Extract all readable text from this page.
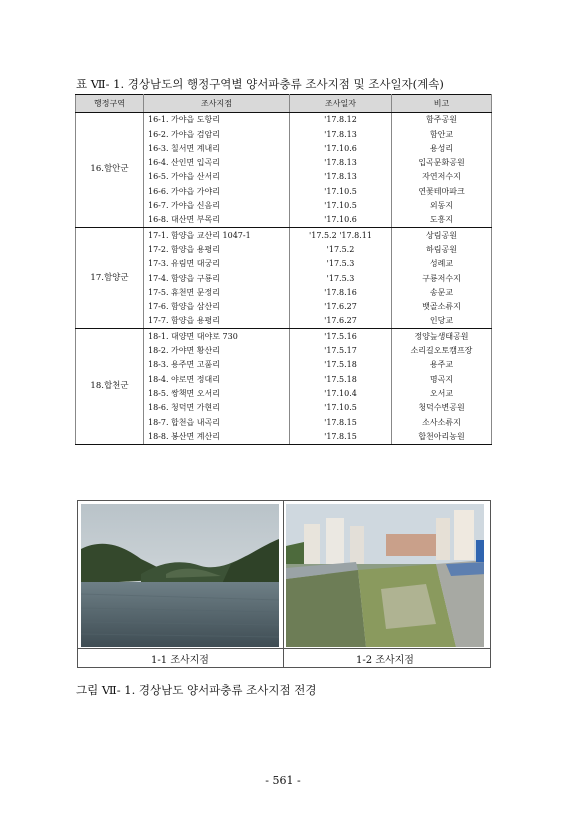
표 Ⅶ- 1. 경상남도의 행정구역별 양서파충류 조사지점 및 조사일자(계속)
행정구역	조사지점	조사일자	비고
16.함안군	16-1. 가야읍 도항리	'17.8.12	함주공원
	16-2. 가야읍 검암리	'17.8.13	함안교
	16-3. 칠서면 계내리	'17.10.6	용성리
	16-4. 산인면 입곡리	'17.8.13	입곡문화공원
	16-5. 가야읍 산서리	'17.8.13	자연저수지
	16-6. 가야읍 가야리	'17.10.5	연꽃테마파크
	16-7. 가야읍 신음리	'17.10.5	외동지
	16-8. 대산면 부목리	'17.10.6	도흥지
17.함양군	17-1. 함양읍 교산리 1047-1	'17.5.2 '17.8.11	상림공원
	17-2. 함양읍 용평리	'17.5.2	하림공원
	17-3. 유림면 대궁리	'17.5.3	성례교
	17-4. 함양읍 구룡리	'17.5.3	구룡저수지
	17-5. 휴천면 문정리	'17.8.16	송문교
	17-6. 함양읍 삼산리	'17.6.27	뱃골소류지
	17-7. 함양읍 용평리	'17.6.27	인당교
18.합천군	18-1. 대양면 대야로 730	'17.5.16	정양늪생태공원
	18-2. 가야면 황산리	'17.5.17	소리길오토캠프장
	18-3. 용주면 고품리	'17.5.18	용주교
	18-4. 야로면 정대리	'17.5.18	명곡지
	18-5. 쌍책면 오서리	'17.10.4	오서교
	18-6. 청덕면 가현리	'17.10.5	청덕수변공원
	18-7. 합천읍 내곡리	'17.8.15	소사소류지
	18-8. 봉산면 계산리	'17.8.15	합천아리농원
1-1 조사지점	1-2 조사지점
그림 Ⅶ- 1. 경상남도 양서파충류 조사지점 전경
- 561 -
